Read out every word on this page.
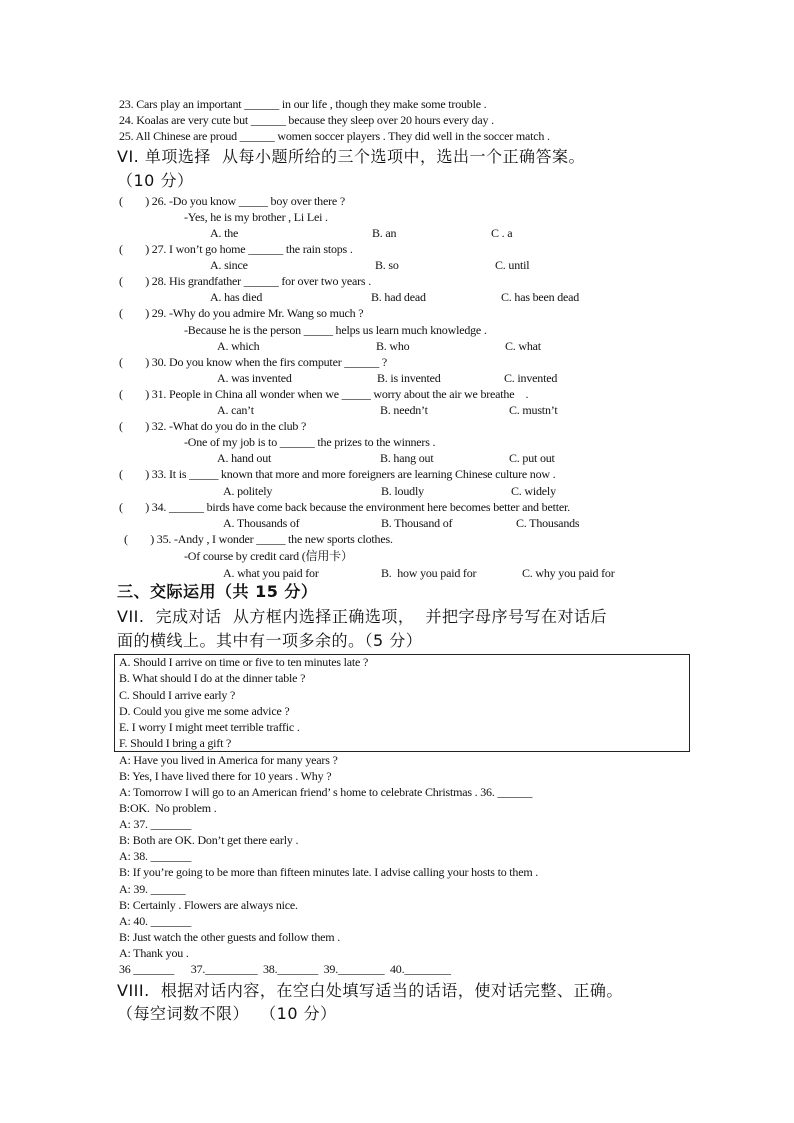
23. Cars play an important ______ in our life , though they make some trouble .
24. Koalas are very cute but ______ because they sleep over 20 hours every day .
25. All Chinese are proud ______ women soccer players . They did well in the soccer match .
VI. 单项选择  从每小题所给的三个选项中，选出一个正确答案。
（10 分）
(        ) 26. -Do you know _____ boy over there ?
-Yes, he is my brother , Li Lei .
A. the	B. an	C . a
(        ) 27. I won’t go home ______ the rain stops .
A. since	B. so	C. until
(        ) 28. His grandfather ______ for over two years .
A. has died	B. had dead	C. has been dead
(        ) 29. -Why do you admire Mr. Wang so much ?
-Because he is the person _____ helps us learn much knowledge .
A. which	B. who	C. what
(        ) 30. Do you know when the firs computer ______ ?
A. was invented	B. is invented	C. invented
(        ) 31. People in China all wonder when we _____ worry about the air we breathe    .
A. can’t	B. needn’t	C. mustn’t
(        ) 32. -What do you do in the club ?
-One of my job is to ______ the prizes to the winners .
A. hand out	B. hang out	C. put out
(        ) 33. It is _____ known that more and more foreigners are learning Chinese culture now .
A. politely	B. loudly	C. widely
(        ) 34. ______ birds have come back because the environment here becomes better and better.
A. Thousands of	B. Thousand of	C. Thousands
(        ) 35. -Andy , I wonder _____ the new sports clothes.
-Of course by credit card (信用卡）
A. what you paid for	B.  how you paid for	C. why you paid for
三、交际运用（共 15 分）
VII.  完成对话  从方框内选择正确选项，  并把字母序号写在对话后
面的横线上。其中有一项多余的。（5 分）
A. Should I arrive on time or five to ten minutes late ?
B. What should I do at the dinner table ?
C. Should I arrive early ?
D. Could you give me some advice ?
E. I worry I might meet terrible traffic .
F. Should I bring a gift ?
A: Have you lived in America for many years ?
B: Yes, I have lived there for 10 years . Why ?
A: Tomorrow I will go to an American friend’ s home to celebrate Christmas . 36. ______
B:OK.  No problem .
A: 37. _______
B: Both are OK. Don’t get there early .
A: 38. _______
B: If you’re going to be more than fifteen minutes late. I advise calling your hosts to them .
A: 39. ______
B: Certainly . Flowers are always nice.
A: 40. _______
B: Just watch the other guests and follow them .
A: Thank you .
36 _______      37._________  38._______  39.________  40.________
VIII.  根据对话内容，在空白处填写适当的话语，使对话完整、正确。
（每空词数不限）  （10 分）
